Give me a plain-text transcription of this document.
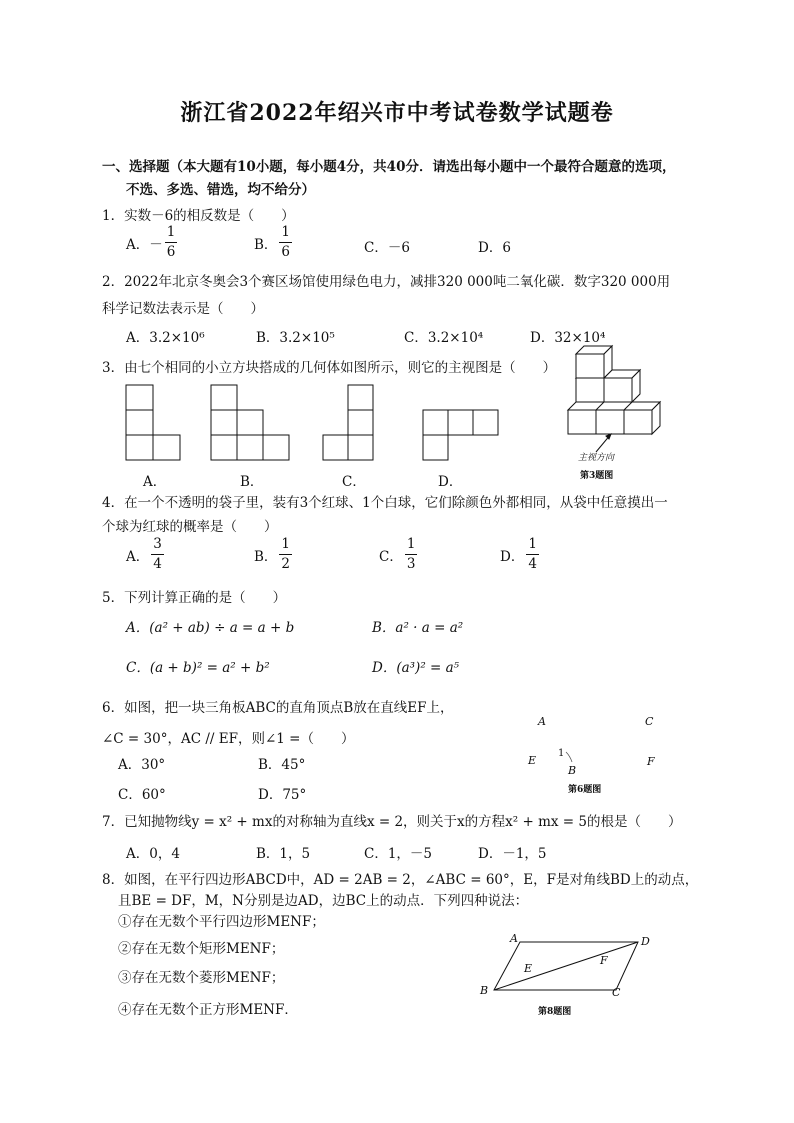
浙江省2022年绍兴市中考试卷数学试题卷
一、选择题（本大题有10小题，每小题4分，共40分．请选出每小题中一个最符合题意的选项，
不选、多选、错选，均不给分）
1．实数－6的相反数是（　　）
A．－ $\frac{1}{6}$	B． $\frac{1}{6}$	C．－6	D．6
2．2022年北京冬奥会3个赛区场馆使用绿色电力，减排320 000吨二氧化碳．数字320 000用
科学记数法表示是（　　）
A．3.2×10⁶	B．3.2×10⁵	C．3.2×10⁴	D．32×10⁴
3．由七个相同的小立方块搭成的几何体如图所示，则它的主视图是（　　）
主视方向
第3题图
A．	B．	C．	D．
4．在一个不透明的袋子里，装有3个红球、1个白球，它们除颜色外都相同，从袋中任意摸出一
个球为红球的概率是（　　）
A． $\frac{3}{4}$	B． $\frac{1}{2}$	C． $\frac{1}{3}$	D． $\frac{1}{4}$
5．下列计算正确的是（　　）
A．(a² + ab) ÷ a = a + b	B．a² · a = a²
C．(a + b)² = a² + b²	D．(a³)² = a⁵
6．如图，把一块三角板ABC的直角顶点B放在直线EF上，
∠C = 30°，AC // EF，则∠1 =（　　）
A．30°	B．45°
C．60°	D．75°
A	C
E	F
B
1
第6题图
7．已知抛物线y = x² + mx的对称轴为直线x = 2，则关于x的方程x² + mx = 5的根是（　　）
A．0，4	B．1，5	C．1，－5	D．－1，5
8．如图，在平行四边形ABCD中，AD = 2AB = 2，∠ABC = 60°，E，F是对角线BD上的动点，
且BE = DF，M，N分别是边AD，边BC上的动点．下列四种说法：
①存在无数个平行四边形MENF；
②存在无数个矩形MENF；
③存在无数个菱形MENF；
④存在无数个正方形MENF．
A	D
B	C
E
F
第8题图
